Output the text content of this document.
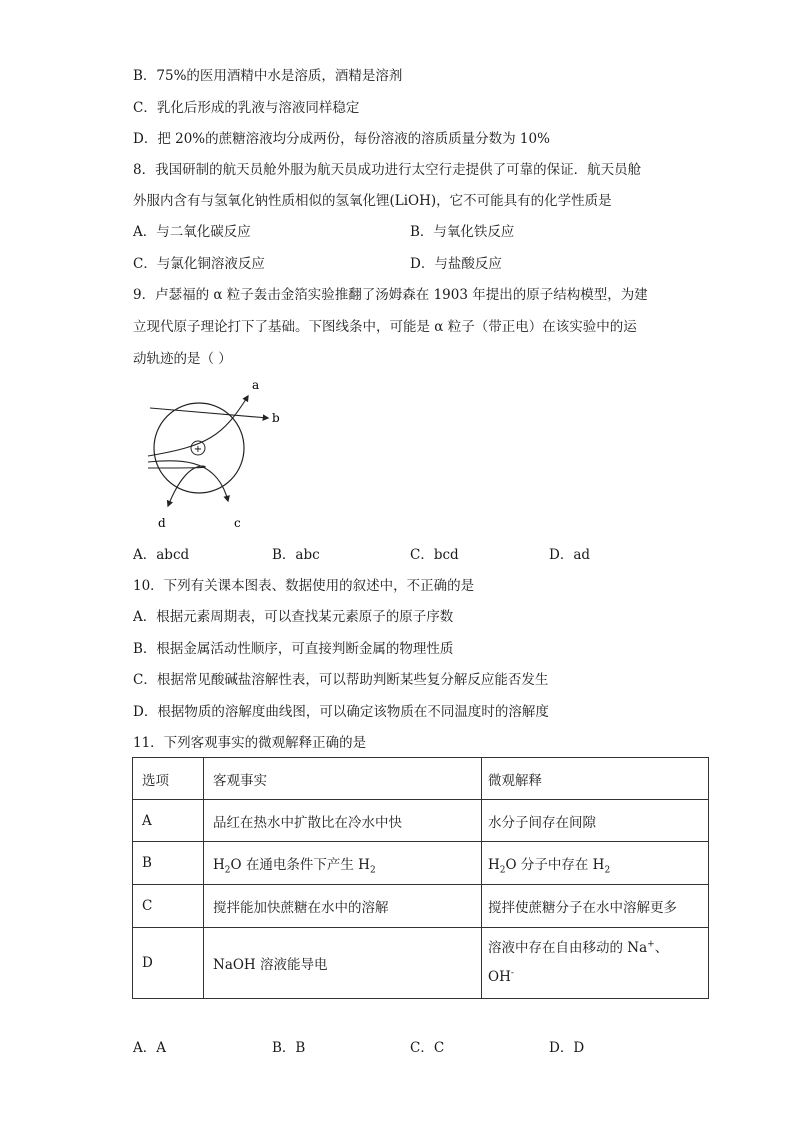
B．75%的医用酒精中水是溶质，酒精是溶剂
C．乳化后形成的乳液与溶液同样稳定
D．把 20%的蔗糖溶液均分成两份，每份溶液的溶质质量分数为 10%
8．我国研制的航天员舱外服为航天员成功进行太空行走提供了可靠的保证．航天员舱
外服内含有与氢氧化钠性质相似的氢氧化锂(LiOH)，它不可能具有的化学性质是
A．与二氧化碳反应	B．与氧化铁反应
C．与氯化铜溶液反应	D．与盐酸反应
9．卢瑟福的 α 粒子轰击金箔实验推翻了汤姆森在 1903 年提出的原子结构模型，为建
立现代原子理论打下了基础。下图线条中，可能是 α 粒子（带正电）在该实验中的运
动轨迹的是（ ）
+
a
b
c
d
A．abcd	B．abc	C．bcd	D．ad
10．下列有关课本图表、数据使用的叙述中，不正确的是
A．根据元素周期表，可以查找某元素原子的原子序数
B．根据金属活动性顺序，可直接判断金属的物理性质
C．根据常见酸碱盐溶解性表，可以帮助判断某些复分解反应能否发生
D．根据物质的溶解度曲线图，可以确定该物质在不同温度时的溶解度
11．下列客观事实的微观解释正确的是
选项	客观事实	微观解释
A	品红在热水中扩散比在冷水中快	水分子间存在间隙
B	$H_2O$ 在通电条件下产生 $H_2$	$H_2O$ 分子中存在 $H_2$
C	搅拌能加快蔗糖在水中的溶解	搅拌使蔗糖分子在水中溶解更多
D	NaOH 溶液能导电	溶液中存在自由移动的 Na+、
OH-
A．A	B．B	C．C	D．D
